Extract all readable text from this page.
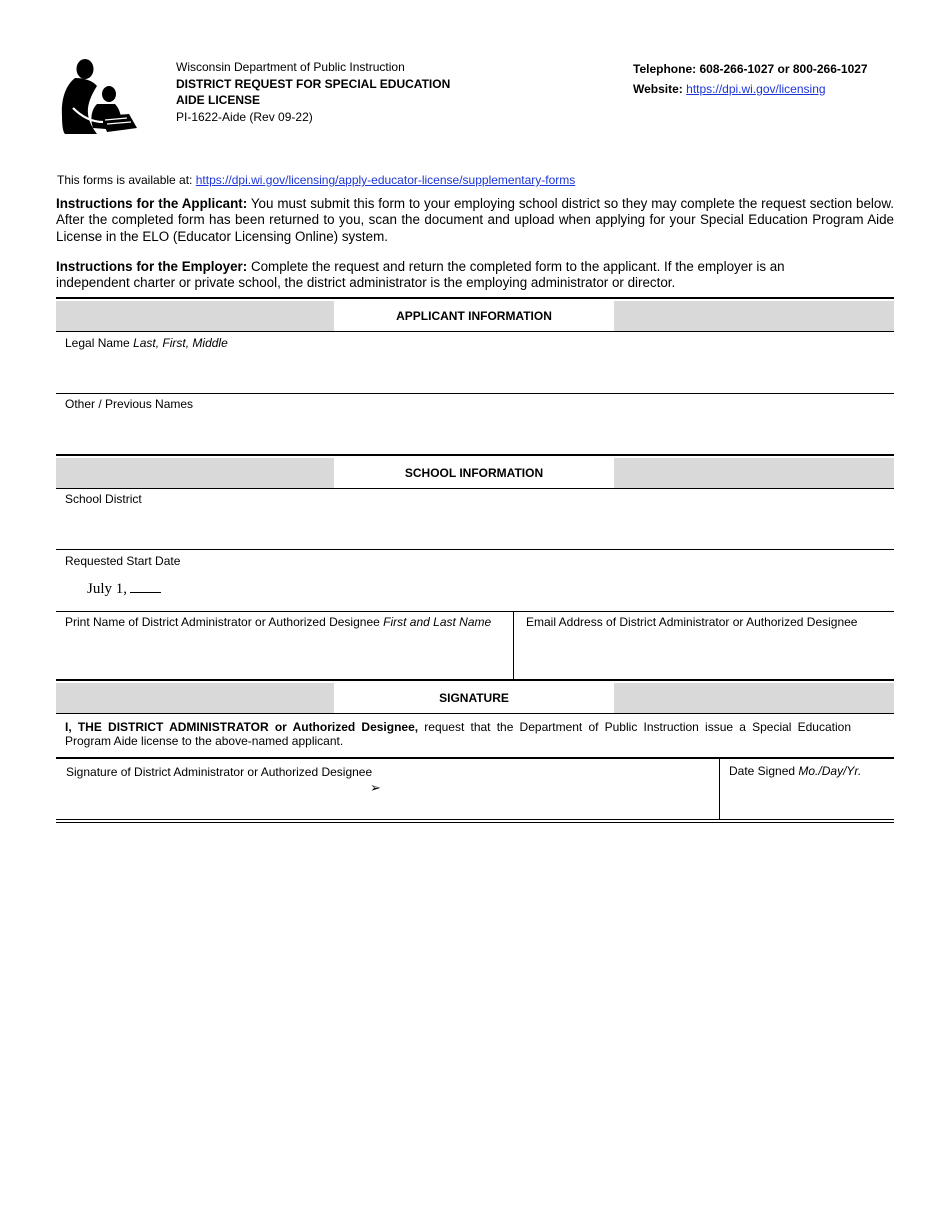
Wisconsin Department of Public Instruction
DISTRICT REQUEST FOR SPECIAL EDUCATION
AIDE LICENSE
PI-1622-Aide (Rev 09-22)
Telephone: 608-266-1027 or 800-266-1027
Website: https://dpi.wi.gov/licensing
This forms is available at: https://dpi.wi.gov/licensing/apply-educator-license/supplementary-forms
Instructions for the Applicant: You must submit this form to your employing school district so they may complete the request section below. After the completed form has been returned to you, scan the document and upload when applying for your Special Education Program Aide License in the ELO (Educator Licensing Online) system.
Instructions for the Employer: Complete the request and return the completed form to the applicant. If the employer is an independent charter or private school, the district administrator is the employing administrator or director.
APPLICANT INFORMATION
Legal Name Last, First, Middle
Other / Previous Names
SCHOOL INFORMATION
School District
Requested Start Date
July 1,
Print Name of District Administrator or Authorized Designee First and Last Name	Email Address of District Administrator or Authorized Designee
SIGNATURE
I, THE DISTRICT ADMINISTRATOR or Authorized Designee, request that the Department of Public Instruction issue a Special Education Program Aide license to the above-named applicant.
Signature of District Administrator or Authorized Designee
➢
Date Signed Mo./Day/Yr.
